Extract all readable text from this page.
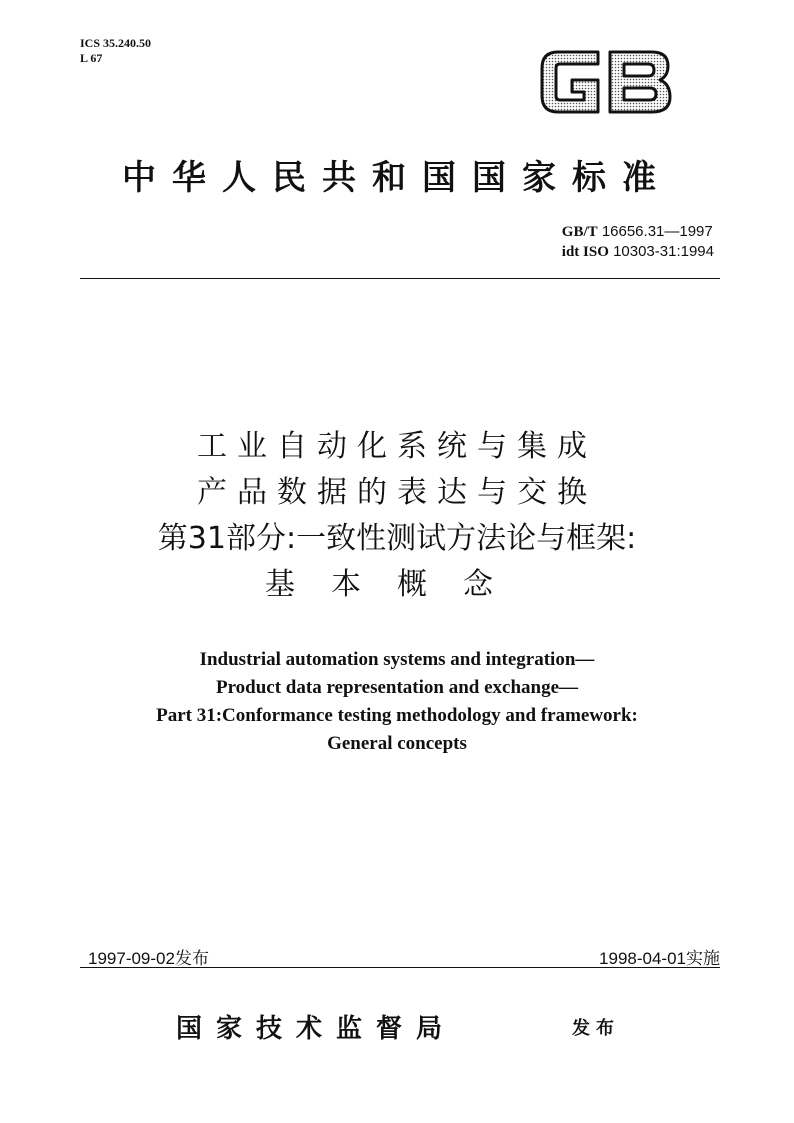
ICS 35.240.50
L 67
中华人民共和国国家标准
GB/T 16656.31—1997
idt ISO 10303-31:1994
工业自动化系统与集成
产品数据的表达与交换
第31部分:一致性测试方法论与框架:
基本概念
Industrial automation systems and integration—
Product data representation and exchange—
Part 31:Conformance testing methodology and framework:
General concepts
1997-09-02发布	1998-04-01实施
国家技术监督局	发布
